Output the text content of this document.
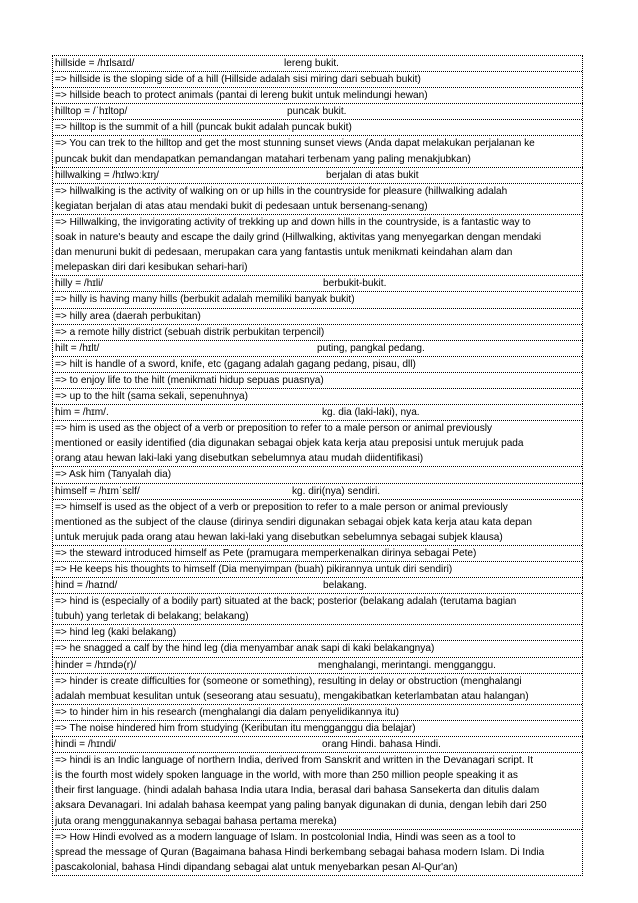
hillside = /hɪlsaɪd/	lereng bukit.
=> hillside is the sloping side of a hill (Hillside adalah sisi miring dari sebuah bukit)
=> hillside beach to protect animals (pantai di lereng bukit untuk melindungi hewan)
hilltop = /ˈhɪltop/	puncak bukit.
=> hilltop is the summit of a hill (puncak bukit adalah puncak bukit)
=> You can trek to the hilltop and get the most stunning sunset views (Anda dapat melakukan perjalanan ke
puncak bukit dan mendapatkan pemandangan matahari terbenam yang paling menakjubkan)
hillwalking = /hɪlwɔːkɪŋ/	berjalan di atas bukit
=> hillwalking is the activity of walking on or up hills in the countryside for pleasure (hillwalking adalah
kegiatan berjalan di atas atau mendaki bukit di pedesaan untuk bersenang-senang)
=> Hillwalking, the invigorating activity of trekking up and down hills in the countryside, is a fantastic way to
soak in nature's beauty and escape the daily grind (Hillwalking, aktivitas yang menyegarkan dengan mendaki
dan menuruni bukit di pedesaan, merupakan cara yang fantastis untuk menikmati keindahan alam dan
melepaskan diri dari kesibukan sehari-hari)
hilly = /hɪli/	berbukit-bukit.
=> hilly is having many hills (berbukit adalah memiliki banyak bukit)
=> hilly area (daerah perbukitan)
=> a remote hilly district (sebuah distrik perbukitan terpencil)
hilt = /hɪlt/	puting, pangkal pedang.
=> hilt is handle of a sword, knife, etc (gagang adalah gagang pedang, pisau, dll)
=> to enjoy life to the hilt (menikmati hidup sepuas puasnya)
=> up to the hilt (sama sekali, sepenuhnya)
him = /hɪm/.	kg. dia (laki-laki), nya.
=> him is used as the object of a verb or preposition to refer to a male person or animal previously
mentioned or easily identified (dia digunakan sebagai objek kata kerja atau preposisi untuk merujuk pada
orang atau hewan laki-laki yang disebutkan sebelumnya atau mudah diidentifikasi)
=> Ask him (Tanyalah dia)
himself = /hɪmˈsɛlf/	kg. diri(nya) sendiri.
=> himself is used as the object of a verb or preposition to refer to a male person or animal previously
mentioned as the subject of the clause (dirinya sendiri digunakan sebagai objek kata kerja atau kata depan
untuk merujuk pada orang atau hewan laki-laki yang disebutkan sebelumnya sebagai subjek klausa)
=> the steward introduced himself as Pete (pramugara memperkenalkan dirinya sebagai Pete)
=> He keeps his thoughts to himself (Dia menyimpan (buah) pikirannya untuk diri sendiri)
hind = /haɪnd/	belakang.
=> hind is (especially of a bodily part) situated at the back; posterior (belakang adalah (terutama bagian
tubuh) yang terletak di belakang; belakang)
=> hind leg (kaki belakang)
=> he snagged a calf by the hind leg (dia menyambar anak sapi di kaki belakangnya)
hinder = /hɪndə(r)/	menghalangi, merintangi. mengganggu.
=> hinder is create difficulties for (someone or something), resulting in delay or obstruction (menghalangi
adalah membuat kesulitan untuk (seseorang atau sesuatu), mengakibatkan keterlambatan atau halangan)
=> to hinder him in his research (menghalangi dia dalam penyelidikannya itu)
=> The noise hindered him from studying (Keributan itu mengganggu dia belajar)
hindi = /hɪndi/	orang Hindi. bahasa Hindi.
=> hindi is an Indic language of northern India, derived from Sanskrit and written in the Devanagari script. It
is the fourth most widely spoken language in the world, with more than 250 million people speaking it as
their first language. (hindi adalah bahasa India utara India, berasal dari bahasa Sansekerta dan ditulis dalam
aksara Devanagari. Ini adalah bahasa keempat yang paling banyak digunakan di dunia, dengan lebih dari 250
juta orang menggunakannya sebagai bahasa pertama mereka)
=> How Hindi evolved as a modern language of Islam. In postcolonial India, Hindi was seen as a tool to
spread the message of Quran (Bagaimana bahasa Hindi berkembang sebagai bahasa modern Islam. Di India
pascakolonial, bahasa Hindi dipandang sebagai alat untuk menyebarkan pesan Al-Qur'an)
